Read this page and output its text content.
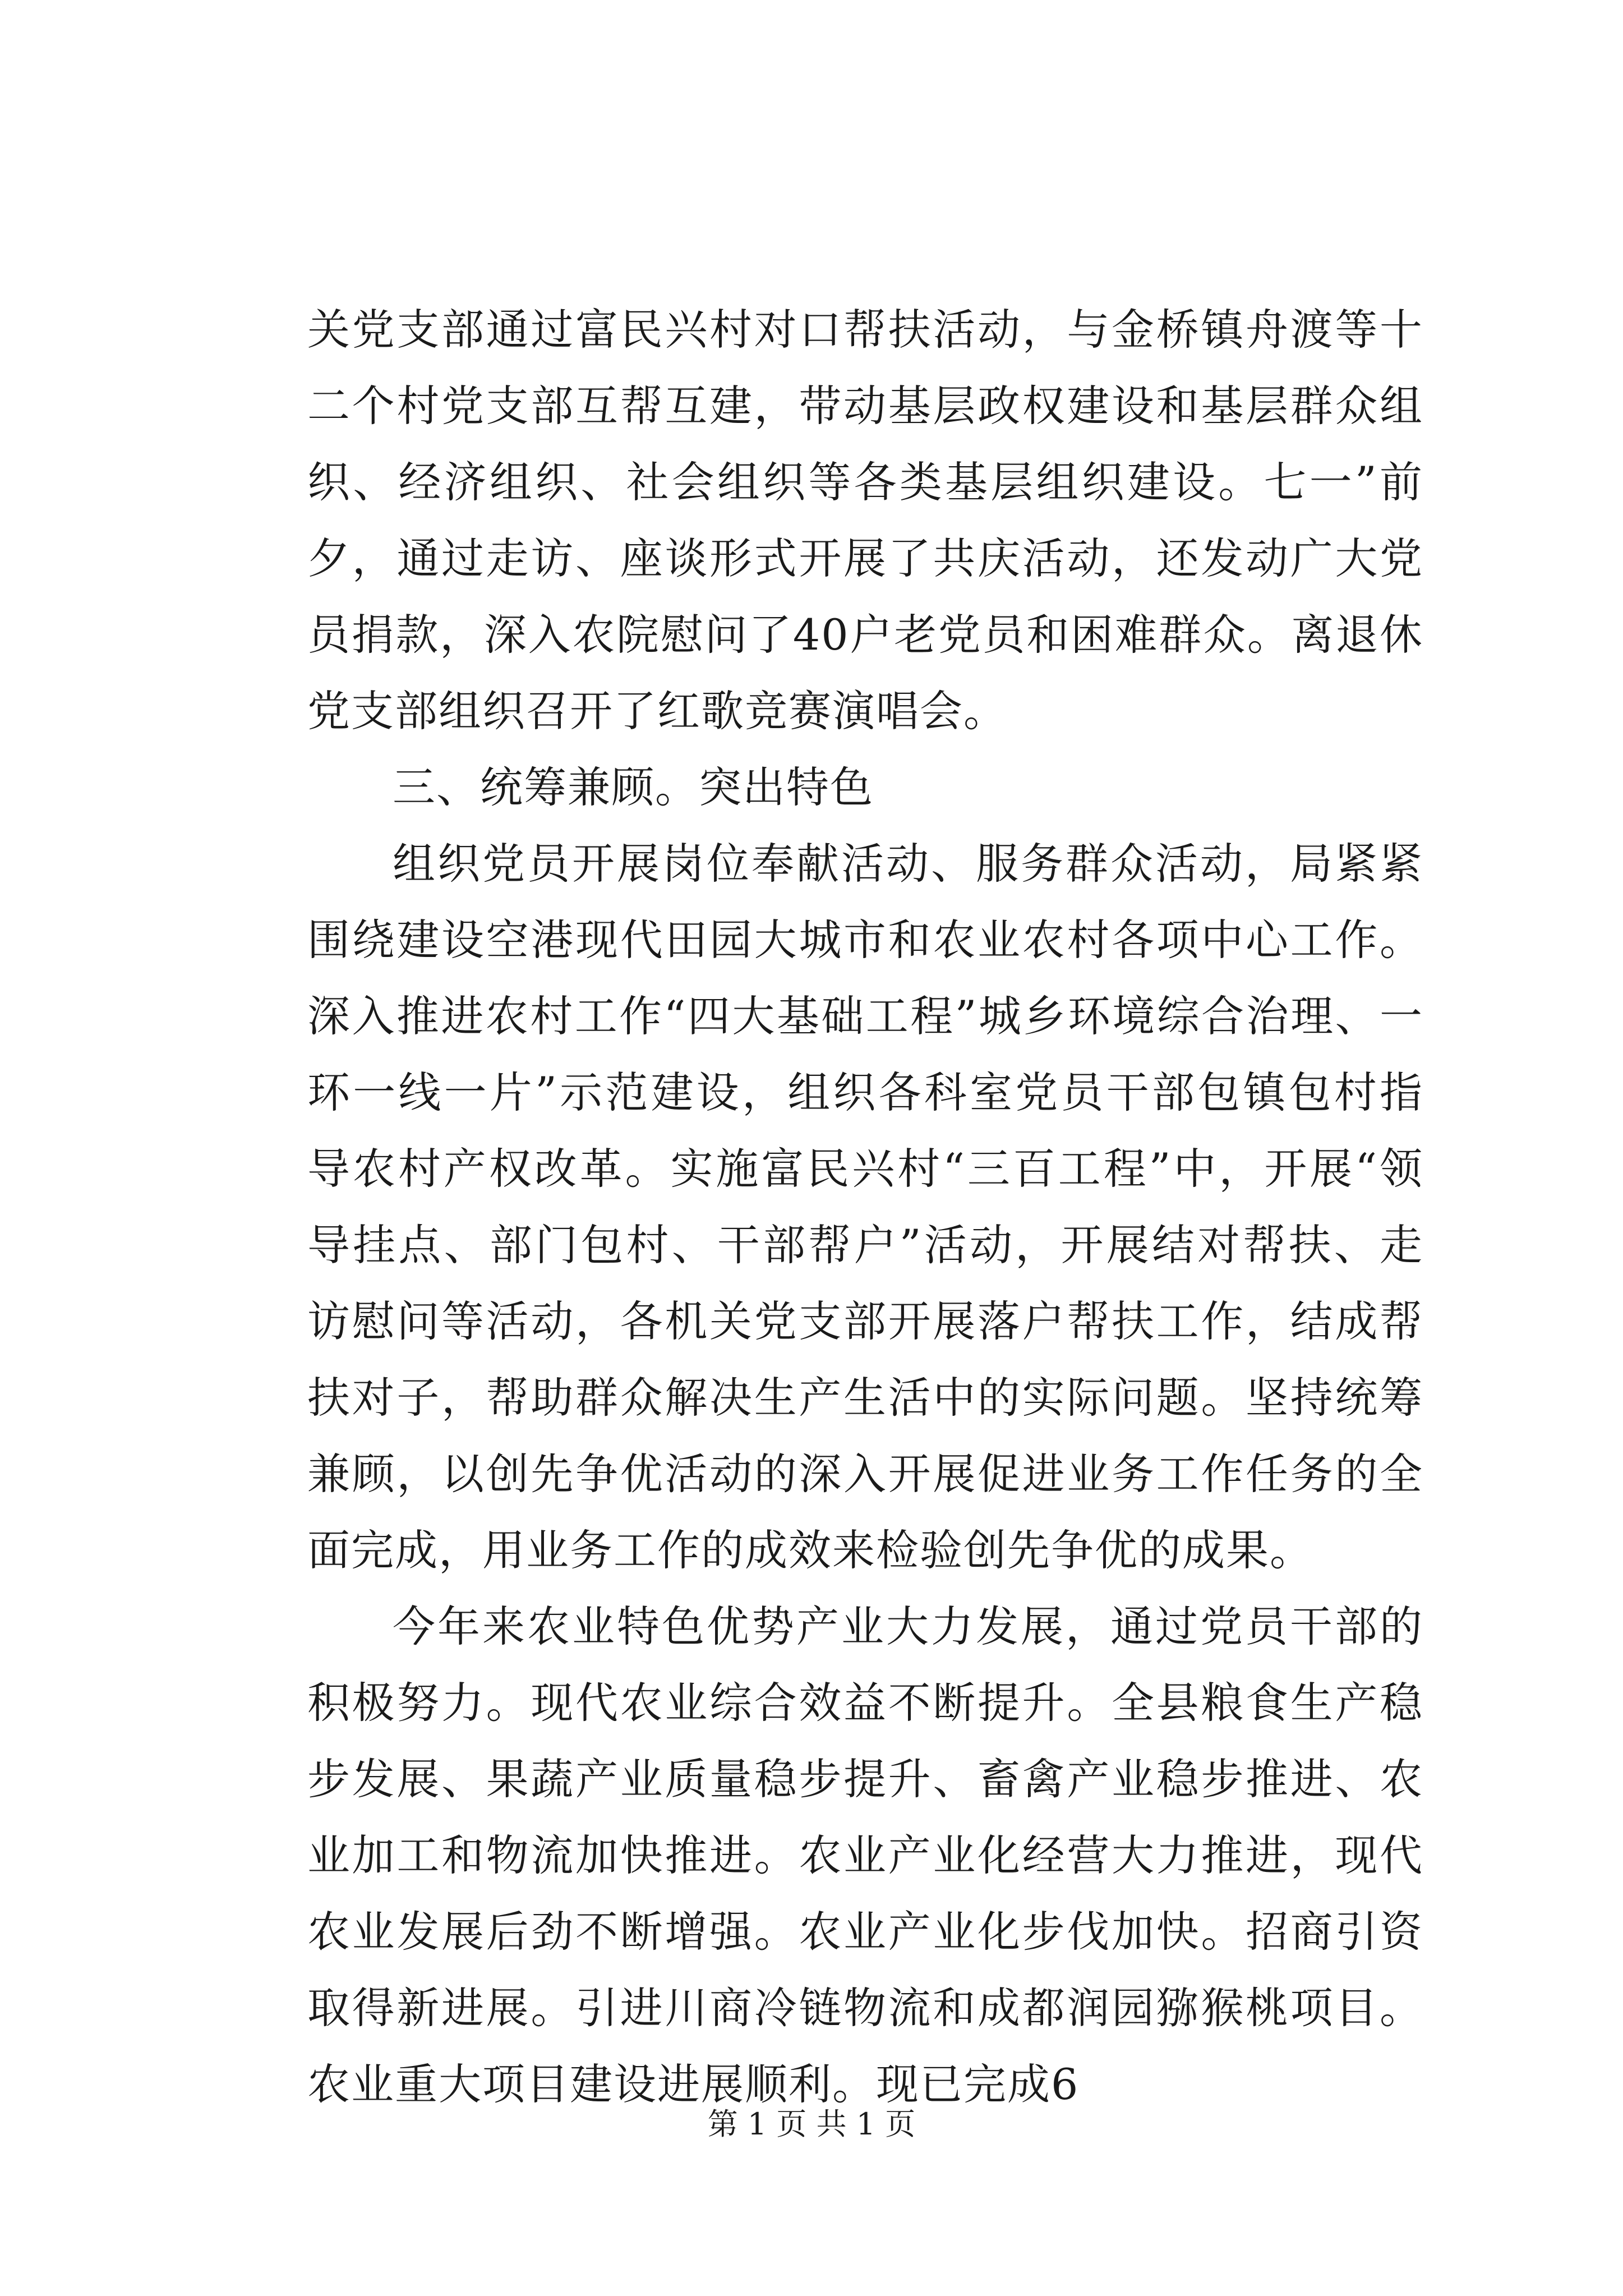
关党支部通过富民兴村对口帮扶活动，与金桥镇舟渡等十二个村党支部互帮互建，带动基层政权建设和基层群众组织、经济组织、社会组织等各类基层组织建设。七一”前夕，通过走访、座谈形式开展了共庆活动，还发动广大党员捐款，深入农院慰问了40户老党员和困难群众。离退休党支部组织召开了红歌竞赛演唱会。

三、统筹兼顾。突出特色

组织党员开展岗位奉献活动、服务群众活动，局紧紧围绕建设空港现代田园大城市和农业农村各项中心工作。深入推进农村工作“四大基础工程”城乡环境综合治理、一环一线一片”示范建设，组织各科室党员干部包镇包村指导农村产权改革。实施富民兴村“三百工程”中，开展“领导挂点、部门包村、干部帮户”活动，开展结对帮扶、走访慰问等活动，各机关党支部开展落户帮扶工作，结成帮扶对子，帮助群众解决生产生活中的实际问题。坚持统筹兼顾，以创先争优活动的深入开展促进业务工作任务的全面完成，用业务工作的成效来检验创先争优的成果。

今年来农业特色优势产业大力发展，通过党员干部的积极努力。现代农业综合效益不断提升。全县粮食生产稳步发展、果蔬产业质量稳步提升、畜禽产业稳步推进、农业加工和物流加快推进。农业产业化经营大力推进，现代农业发展后劲不断增强。农业产业化步伐加快。招商引资取得新进展。引进川商冷链物流和成都润园猕猴桃项目。农业重大项目建设进展顺利。现已完成6

第 1 页 共 1 页
